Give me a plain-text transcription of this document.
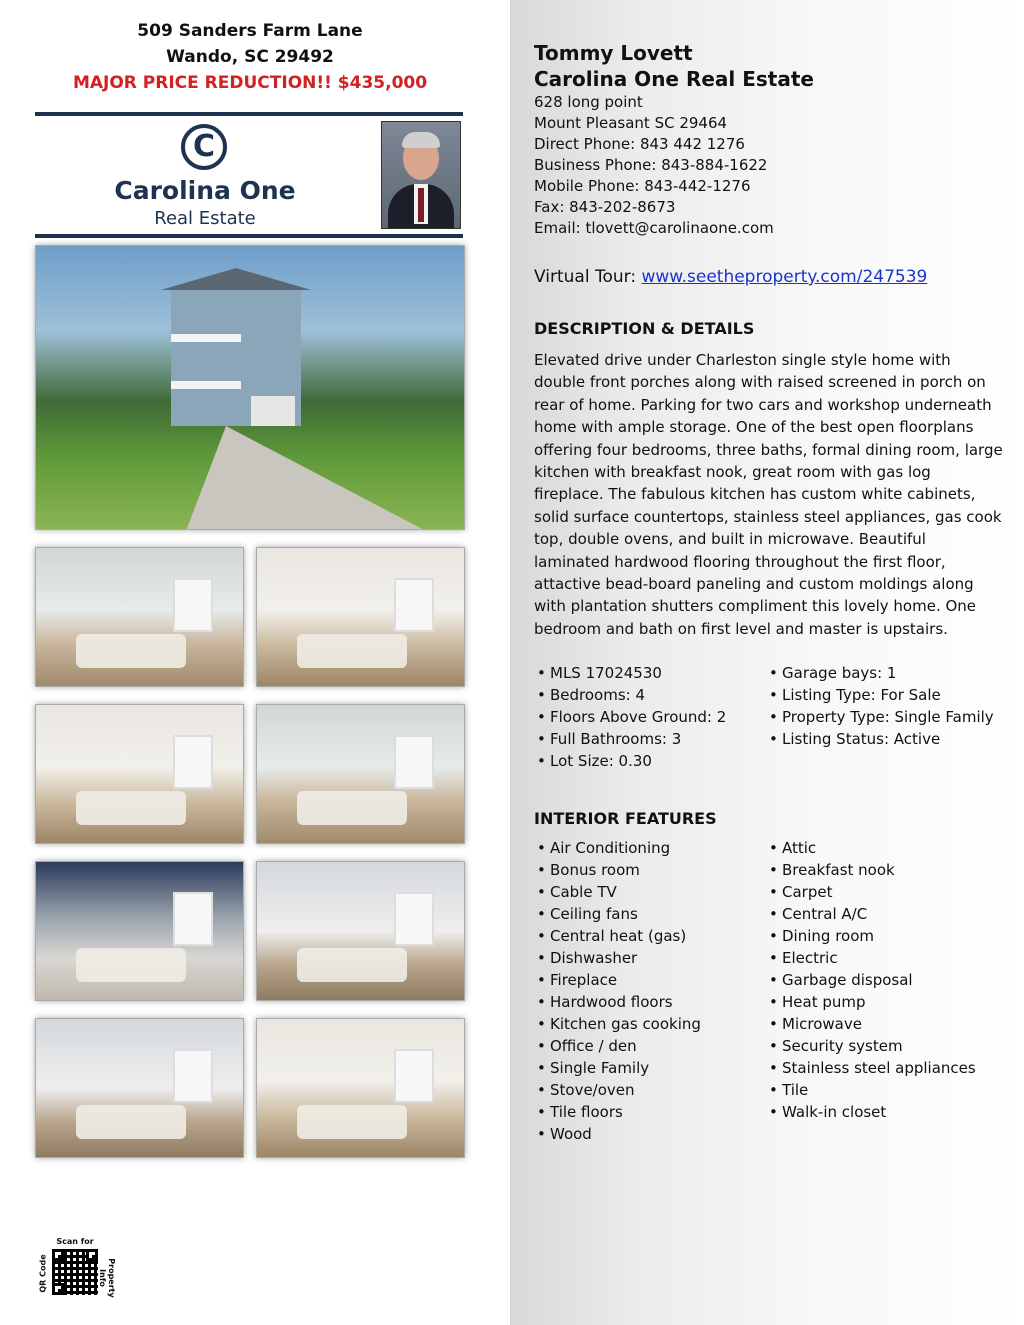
509 Sanders Farm Lane
Wando, SC 29492
MAJOR PRICE REDUCTION!! $435,000
C
Carolina One
Real Estate
Scan for
QR Code	Property Info
Tommy Lovett
Carolina One Real Estate
628 long point
Mount Pleasant SC 29464
Direct Phone: 843 442 1276
Business Phone: 843-884-1622
Mobile Phone: 843-442-1276
Fax: 843-202-8673
Email: tlovett@carolinaone.com
Virtual Tour: www.seetheproperty.com/247539
DESCRIPTION & DETAILS
Elevated drive under Charleston single style home with double front porches along with raised screened in porch on rear of home. Parking for two cars and workshop underneath home with ample storage. One of the best open floorplans offering four bedrooms, three baths, formal dining room, large kitchen with breakfast nook, great room with gas log fireplace. The fabulous kitchen has custom white cabinets, solid surface countertops, stainless steel appliances, gas cook top, double ovens, and built in microwave. Beautiful laminated hardwood flooring throughout the first floor, attactive bead-board paneling and custom moldings along with plantation shutters compliment this lovely home. One bedroom and bath on first level and master is upstairs.
• MLS 17024530
• Bedrooms: 4
• Floors Above Ground: 2
• Full Bathrooms: 3
• Lot Size: 0.30
• Garage bays: 1
• Listing Type: For Sale
• Property Type: Single Family
• Listing Status: Active
INTERIOR FEATURES
• Air Conditioning
• Bonus room
• Cable TV
• Ceiling fans
• Central heat (gas)
• Dishwasher
• Fireplace
• Hardwood floors
• Kitchen gas cooking
• Office / den
• Single Family
• Stove/oven
• Tile floors
• Wood
• Attic
• Breakfast nook
• Carpet
• Central A/C
• Dining room
• Electric
• Garbage disposal
• Heat pump
• Microwave
• Security system
• Stainless steel appliances
• Tile
• Walk-in closet
